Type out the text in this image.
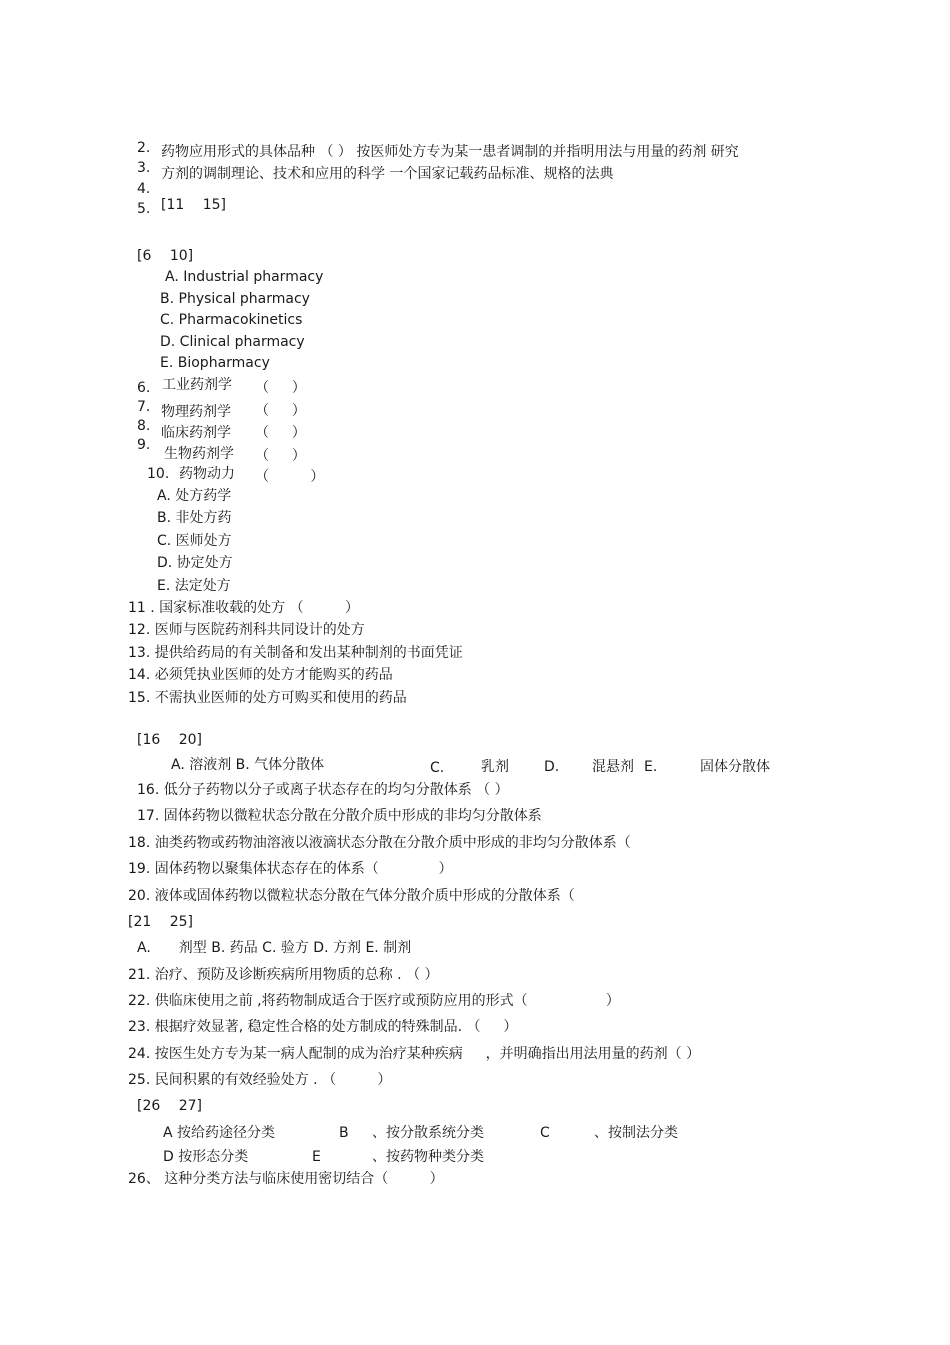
2.
3.
4.
5.
药物应用形式的具体品种 （ ） 按医师处方专为某一患者调制的并指明用法与用量的药剂 研究
方剂的调制理论、技术和应用的科学 一个国家记载药品标准、规格的法典
[11　 15]
[6　 10]
A. Industrial pharmacy
B. Physical pharmacy
C. Pharmacokinetics
D. Clinical pharmacy
E. Biopharmacy
6. 工业药剂学 （ 　 ）
7. 物理药剂学 （ 　 ）
8. 临床药剂学 （ 　 ）
9.
生物药剂学 （ 　 ）
10. 药物动力 （ 　 　 ）
A. 处方药学
B. 非处方药
C. 医师处方
D. 协定处方
E. 法定处方
11 . 国家标准收载的处方 （ 　 　 ）
12. 医师与医院药剂科共同设计的处方
13. 提供给药局的有关制备和发出某种制剂的书面凭证
14. 必须凭执业医师的处方才能购买的药品
15. 不需执业医师的处方可购买和使用的药品
[16　 20]
A. 溶液剂 B. 气体分散体	C.	乳剂	D. 混悬剂 E.	固体分散体
16. 低分子药物以分子或离子状态存在的均匀分散体系 （ ）
17. 固体药物以微粒状态分散在分散介质中形成的非均匀分散体系
18. 油类药物或药物油溶液以液滴状态分散在分散介质中形成的非均匀分散体系（
19. 固体药物以聚集体状态存在的体系（ 　 　 　 ）
20. 液体或固体药物以微粒状态分散在气体分散介质中形成的分散体系（
[21　 25]
A.　　剂型 B. 药品 C. 验方 D. 方剂 E. 制剂
21. 治疗、预防及诊断疾病所用物质的总称 . （ ）
22. 供临床使用之前 ,将药物制成适合于医疗或预防应用的形式（ 　 　 　 　 ）
23. 根据疗效显著, 稳定性合格的处方制成的特殊制品. （ 　 ）
24. 按医生处方专为某一病人配制的成为治疗某种疾病 　 ，并明确指出用法用量的药剂（ ）
25. 民间积累的有效经验处方 . （ 　 　 ）
[26　 27]
A 按给药途径分类	B 、按分散系统分类	C	、按制法分类
D 按形态分类	E	、按药物种类分类
26、 这种分类方法与临床使用密切结合（ 　 　 ）
